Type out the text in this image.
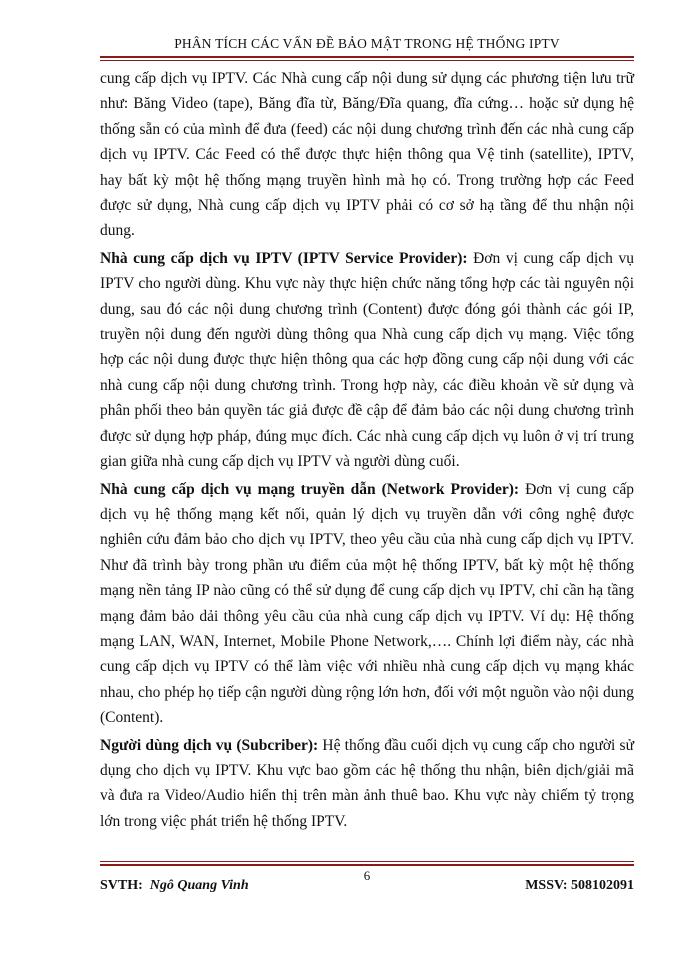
PHÂN TÍCH CÁC VẤN ĐỀ BẢO MẬT TRONG HỆ THỐNG IPTV

cung cấp dịch vụ IPTV. Các Nhà cung cấp nội dung sử dụng các phương tiện lưu trữ như: Băng Video (tape), Băng đĩa từ, Băng/Đĩa quang, đĩa cứng… hoặc sử dụng hệ thống sẵn có của mình để đưa (feed) các nội dung chương trình đến các nhà cung cấp dịch vụ IPTV. Các Feed có thể được thực hiện thông qua Vệ tinh (satellite), IPTV, hay bất kỳ một hệ thống mạng truyền hình mà họ có. Trong trường hợp các Feed được sử dụng, Nhà cung cấp dịch vụ IPTV phải có cơ sở hạ tầng để thu nhận nội dung.

Nhà cung cấp dịch vụ IPTV (IPTV Service Provider): Đơn vị cung cấp dịch vụ IPTV cho người dùng. Khu vực này thực hiện chức năng tổng hợp các tài nguyên nội dung, sau đó các nội dung chương trình (Content) được đóng gói thành các gói IP, truyền nội dung đến người dùng thông qua Nhà cung cấp dịch vụ mạng. Việc tổng hợp các nội dung được thực hiện thông qua các hợp đồng cung cấp nội dung với các nhà cung cấp nội dung chương trình. Trong hợp này, các điều khoản về sử dụng và phân phối theo bản quyền tác giả được đề cập để đảm bảo các nội dung chương trình được sử dụng hợp pháp, đúng mục đích. Các nhà cung cấp dịch vụ luôn ở vị trí trung gian giữa nhà cung cấp dịch vụ IPTV và người dùng cuối.

Nhà cung cấp dịch vụ mạng truyền dẫn (Network Provider): Đơn vị cung cấp dịch vụ hệ thống mạng kết nối, quản lý dịch vụ truyền dẫn với công nghệ được nghiên cứu đảm bảo cho dịch vụ IPTV, theo yêu cầu của nhà cung cấp dịch vụ IPTV. Như đã trình bày trong phần ưu điểm của một hệ thống IPTV, bất kỳ một hệ thống mạng nền tảng IP nào cũng có thể sử dụng để cung cấp dịch vụ IPTV, chỉ cần hạ tầng mạng đảm bảo dải thông yêu cầu của nhà cung cấp dịch vụ IPTV. Ví dụ: Hệ thống mạng LAN, WAN, Internet, Mobile Phone Network,…. Chính lợi điểm này, các nhà cung cấp dịch vụ IPTV có thể làm việc với nhiều nhà cung cấp dịch vụ mạng khác nhau, cho phép họ tiếp cận người dùng rộng lớn hơn, đối với một nguồn vào nội dung (Content).

Người dùng dịch vụ (Subcriber): Hệ thống đầu cuối dịch vụ cung cấp cho người sử dụng cho dịch vụ IPTV. Khu vực bao gồm các hệ thống thu nhận, biên dịch/giải mã và đưa ra Video/Audio hiển thị trên màn ảnh thuê bao. Khu vực này chiếm tỷ trọng lớn trong việc phát triển hệ thống IPTV.

SVTH: Ngô Quang Vinh
6
MSSV: 508102091
